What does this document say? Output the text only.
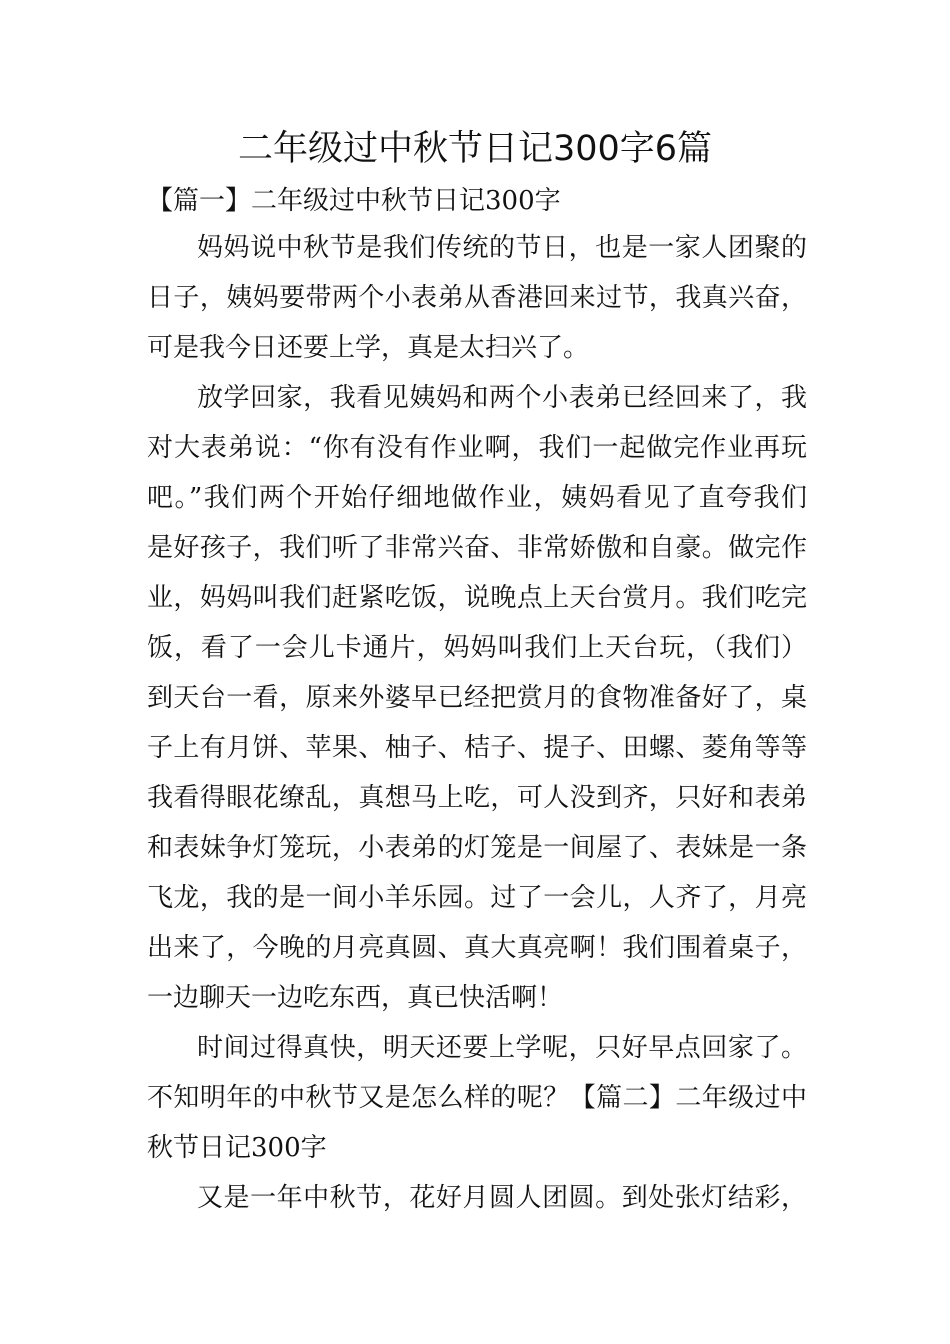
二年级过中秋节日记300字6篇

【篇一】二年级过中秋节日记300字

妈妈说中秋节是我们传统的节日，也是一家人团聚的

日子，姨妈要带两个小表弟从香港回来过节，我真兴奋，

可是我今日还要上学，真是太扫兴了。

放学回家，我看见姨妈和两个小表弟已经回来了，我

对大表弟说：“你有没有作业啊，我们一起做完作业再玩

吧。”我们两个开始仔细地做作业，姨妈看见了直夸我们

是好孩子，我们听了非常兴奋、非常娇傲和自豪。做完作

业，妈妈叫我们赶紧吃饭，说晚点上天台赏月。我们吃完

饭，看了一会儿卡通片，妈妈叫我们上天台玩，（我们）

到天台一看，原来外婆早已经把赏月的食物准备好了，桌

子上有月饼、苹果、柚子、桔子、提子、田螺、菱角等等

我看得眼花缭乱，真想马上吃，可人没到齐，只好和表弟

和表妹争灯笼玩，小表弟的灯笼是一间屋了、表妹是一条

飞龙，我的是一间小羊乐园。过了一会儿，人齐了，月亮

出来了，今晚的月亮真圆、真大真亮啊！我们围着桌子，

一边聊天一边吃东西，真已快活啊！

时间过得真快，明天还要上学呢，只好早点回家了。

不知明年的中秋节又是怎么样的呢？【篇二】二年级过中

秋节日记300字

又是一年中秋节，花好月圆人团圆。到处张灯结彩，
